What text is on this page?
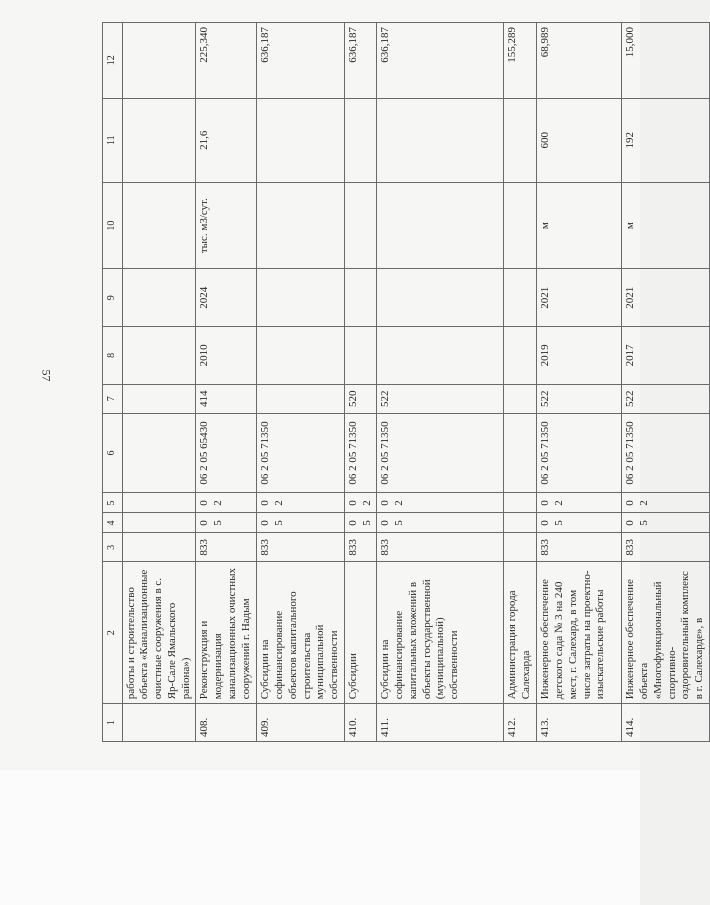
57
1	2	3	4	5	6	7	8	9	10	11	12
	работы и строительство объекта «Канализационные очистные сооружения в с. Яр-Сале Ямальского района»)										
408.	Реконструкция и модернизация канализационных очистных сооружений г. Надым	833	05	02	06 2 05 65430	414	2010	2024	тыс. м3/сут.	21,6	225,340
409.	Субсидии на софинансирование объектов капитального строительства муниципальной собственности	833	05	02	06 2 05 71350						636,187
410.	Субсидии	833	05	02	06 2 05 71350	520					636,187
411.	Субсидии на софинансирование капитальных вложений в объекты государственной (муниципальной) собственности	833	05	02	06 2 05 71350	522					636,187
412.	Администрация города Салехарда										155,289
413.	Инженерное обеспечение детского сада № 3 на 240 мест, г. Салехард, в том числе затраты на проектно-изыскательские работы	833	05	02	06 2 05 71350	522	2019	2021	м	600	68,989
414.	Инженерное обеспечение объекта «Многофункциональный спортивно-оздоровительный комплекс в г. Салехарде», в	833	05	02	06 2 05 71350	522	2017	2021	м	192	15,000
